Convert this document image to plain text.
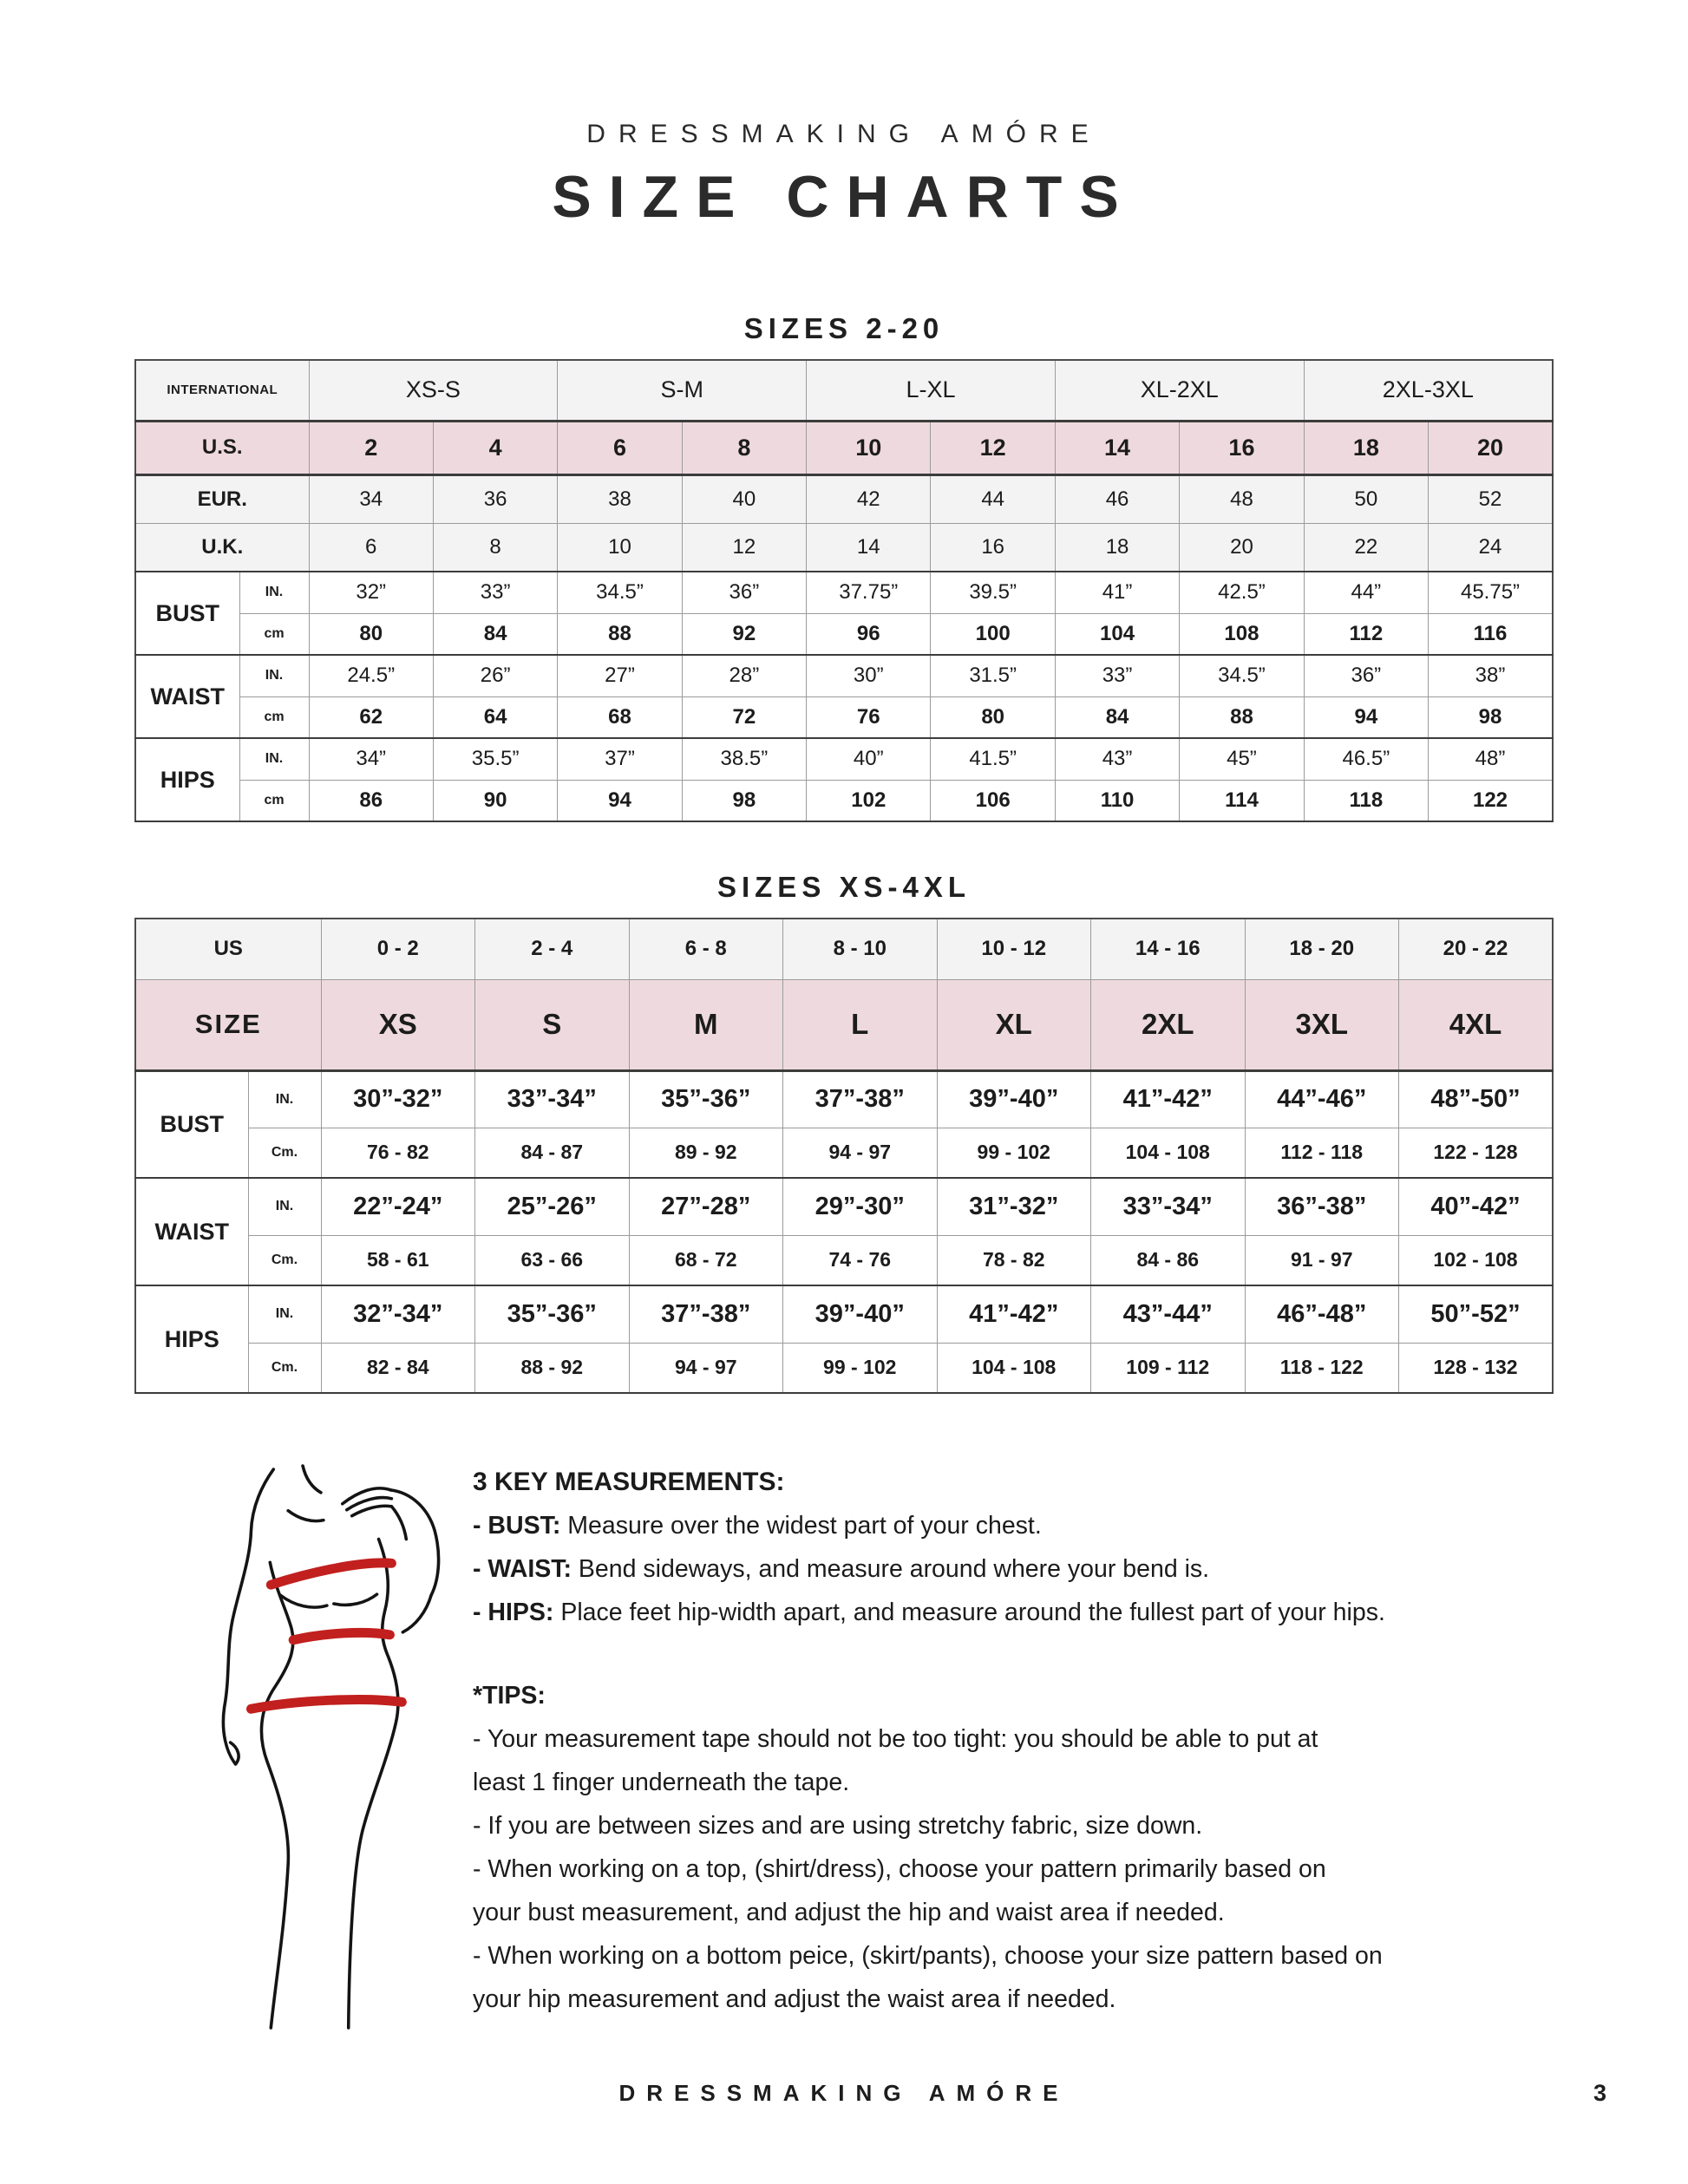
DRESSMAKING AMÓRE
SIZE CHARTS
SIZES 2-20
INTERNATIONAL		XS-S		S-M		L-XL		XL-2XL		2XL-3XL	
U.S.		2	4	6	8	10	12	14	16	18	20
EUR.		34	36	38	40	42	44	46	48	50	52
U.K.		6	8	10	12	14	16	18	20	22	24
BUST	IN.	32”	33”	34.5”	36”	37.75”	39.5”	41”	42.5”	44”	45.75”
	cm	80	84	88	92	96	100	104	108	112	116
WAIST	IN.	24.5”	26”	27”	28”	30”	31.5”	33”	34.5”	36”	38”
	cm	62	64	68	72	76	80	84	88	94	98
HIPS	IN.	34”	35.5”	37”	38.5”	40”	41.5”	43”	45”	46.5”	48”
	cm	86	90	94	98	102	106	110	114	118	122
SIZES XS-4XL
US		0 - 2	2 - 4	6 - 8	8 - 10	10 - 12	14 - 16	18 - 20	20 - 22
SIZE		XS	S	M	L	XL	2XL	3XL	4XL
BUST	IN.	30”-32”	33”-34”	35”-36”	37”-38”	39”-40”	41”-42”	44”-46”	48”-50”
	Cm.	76 - 82	84 - 87	89 - 92	94 - 97	99 - 102	104 - 108	112 - 118	122 - 128
WAIST	IN.	22”-24”	25”-26”	27”-28”	29”-30”	31”-32”	33”-34”	36”-38”	40”-42”
	Cm.	58 - 61	63 - 66	68 - 72	74 - 76	78 - 82	84 - 86	91 - 97	102 - 108
HIPS	IN.	32”-34”	35”-36”	37”-38”	39”-40”	41”-42”	43”-44”	46”-48”	50”-52”
	Cm.	82 - 84	88 - 92	94 - 97	99 - 102	104 - 108	109 - 112	118 - 122	128 - 132
3 KEY MEASUREMENTS:
- BUST: Measure over the widest part of your chest.
- WAIST: Bend sideways, and measure around where your bend is.
- HIPS: Place feet hip-width apart, and measure around the fullest part of your hips.
*TIPS:
- Your measurement tape should not be too tight: you should be able to put at
least 1 finger underneath the tape.
- If you are between sizes and are using stretchy fabric, size down.
- When working on a top, (shirt/dress), choose your pattern primarily based on
your bust measurement, and adjust the hip and waist area if needed.
- When working on a bottom peice, (skirt/pants), choose your size pattern based on
your hip measurement and adjust the waist area if needed.
DRESSMAKING AMÓRE	3
